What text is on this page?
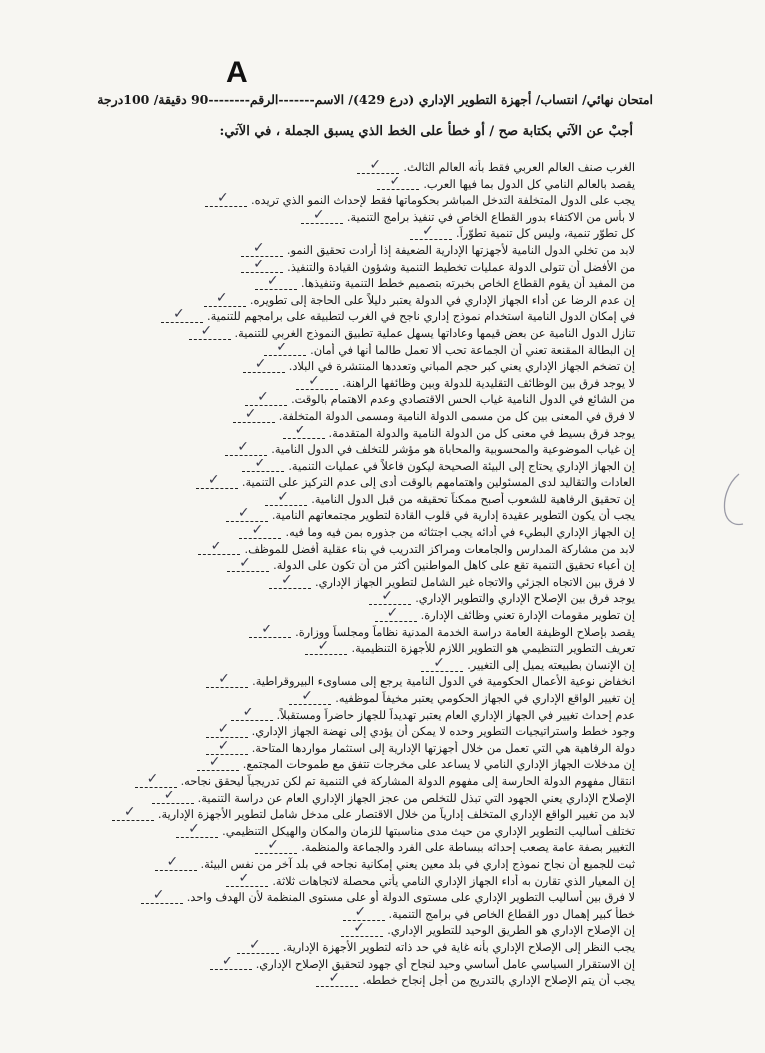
A
امتحان نهائي/ انتساب/ أجهزة التطوير الإداري (درع 429)/ الاسم-------الرقم--------90 دقيقة/ 100درجة
أجبْ عن الآتي بكتابة صح / أو خطأ على الخط الذي يسبق الجملة ، في الآتي:
الغرب صنف العالم العربي فقط بأنه العالم الثالث.
✓
يقصد بالعالم النامي كل الدول بما فيها العرب.
✓
يجب على الدول المتخلفة التدخل المباشر بحكوماتها فقط لإحداث النمو الذي تريده.
✓
لا بأس من الاكتفاء بدور القطاع الخاص في تنفيذ برامج التنمية.
✓
كل تطوّر تنمية، وليس كل تنمية تطوّراً.
✓
لابد من تخلي الدول النامية لأجهزتها الإدارية الضعيفة إذا أرادت تحقيق النمو.
✓
من الأفضل أن تتولى الدولة عمليات تخطيط التنمية وشؤون القيادة والتنفيذ.
✓
من المفيد أن يقوم القطاع الخاص بخبرته بتصميم خطط التنمية وتنفيذها.
✓
إن عدم الرضا عن أداء الجهاز الإداري في الدولة يعتبر دليلاً على الحاجة إلى تطويره.
✓
في إمكان الدول النامية استخدام نموذج إداري ناجح في الغرب لتطبيقه على برامجهم للتنمية.
✓
تنازل الدول النامية عن بعض قيمها وعاداتها يسهل عملية تطبيق النموذج الغربي للتنمية.
✓
إن البطالة المقنعة تعني أن الجماعة تحب ألا تعمل طالما أنها في أمان.
✓
إن تضخم الجهاز الإداري يعني كبر حجم المباني وتعددها المنتشرة في البلاد.
✓
لا يوجد فرق بين الوظائف التقليدية للدولة وبين وظائفها الراهنة.
✓
من الشائع في الدول النامية غياب الحس الاقتصادي وعدم الاهتمام بالوقت.
✓
لا فرق في المعنى بين كل من مسمى الدولة النامية ومسمى الدولة المتخلفة.
✓
يوجد فرق بسيط في معنى كل من الدولة النامية والدولة المتقدمة.
✓
إن غياب الموضوعية والمحسوبية والمحاباة هو مؤشر للتخلف في الدول النامية.
✓
إن الجهاز الإداري يحتاج إلى البيئة الصحيحة ليكون فاعلاً في عمليات التنمية.
✓
العادات والتقاليد لدى المسئولين واهتمامهم بالوقت أدى إلى عدم التركيز على التنمية.
✓
إن تحقيق الرفاهية للشعوب أصبح ممكناً تحقيقه من قبل الدول النامية.
✓
يجب أن يكون التطوير عقيدة إدارية في قلوب القادة لتطوير مجتمعاتهم النامية.
✓
إن الجهاز الإداري البطيء في أدائه يجب اجتثاثه من جذوره بمن فيه وما فيه.
✓
لابد من مشاركة المدارس والجامعات ومراكز التدريب في بناء عقلية أفضل للموظف.
✓
إن أعباء تحقيق التنمية تقع على كاهل المواطنين أكثر من أن تكون على الدولة.
✓
لا فرق بين الاتجاه الجزئي والاتجاه غير الشامل لتطوير الجهاز الإداري.
✓
يوجد فرق بين الإصلاح الإداري والتطوير الإداري.
✓
إن تطوير مقومات الإدارة تعني وظائف الإدارة.
✓
يقصد بإصلاح الوظيفة العامة دراسة الخدمة المدنية نظاماً ومجلساً ووزارة.
✓
تعريف التطوير التنظيمي هو التطوير اللازم للأجهزة التنظيمية.
✓
إن الإنسان بطبيعته يميل إلى التغيير.
✓
انخفاض نوعية الأعمال الحكومية في الدول النامية يرجع إلى مساوىء البيروقراطية.
✓
إن تغيير الواقع الإداري في الجهاز الحكومي يعتبر مخيفاً لموظفيه.
✓
عدم إحداث تغيير في الجهاز الإداري العام يعتبر تهديداً للجهاز حاضراً ومستقبلاً.
✓
وجود خطط واستراتيجيات التطوير وحده لا يمكن أن يؤدي إلى نهضة الجهاز الإداري.
✓
دولة الرفاهية هي التي تعمل من خلال أجهزتها الإدارية إلى استثمار مواردها المتاحة.
✓
إن مدخلات الجهاز الإداري النامي لا يساعد على مخرجات تتفق مع طموحات المجتمع.
✓
انتقال مفهوم الدولة الحارسة إلى مفهوم الدولة المشاركة في التنمية تم لكن تدريجياً ليحقق نجاحه.
✓
الإصلاح الإداري يعني الجهود التي تبذل للتخلص من عجز الجهاز الإداري العام عن دراسة التنمية.
✓
لابد من تغيير الواقع الإداري المتخلف إدارياً من خلال الاقتصار على مدخل شامل لتطوير الأجهزة الإدارية.
✓
تختلف أساليب التطوير الإداري من حيث مدى مناسبتها للزمان والمكان والهيكل التنظيمي.
✓
التغيير بصفة عامة يصعب إحداثه ببساطة على الفرد والجماعة والمنظمة.
✓
ثبت للجميع أن نجاح نموذج إداري في بلد معين يعني إمكانية نجاحه في بلد آخر من نفس البيئة.
✓
إن المعيار الذي تقارن به أداء الجهاز الإداري النامي يأتي محصلة لاتجاهات ثلاثة.
✓
لا فرق بين أساليب التطوير الإداري على مستوى الدولة أو على مستوى المنظمة لأن الهدف واحد.
✓
خطأ كبير إهمال دور القطاع الخاص في برامج التنمية.
✓
إن الإصلاح الإداري هو الطريق الوحيد للتطوير الإداري.
✓
يجب النظر إلى الإصلاح الإداري بأنه غاية في حد ذاته لتطوير الأجهزة الإدارية.
✓
إن الاستقرار السياسي عامل أساسي وحيد لنجاح أي جهود لتحقيق الإصلاح الإداري.
✓
يجب أن يتم الإصلاح الإداري بالتدريج من أجل إنجاح خططه.
✓
